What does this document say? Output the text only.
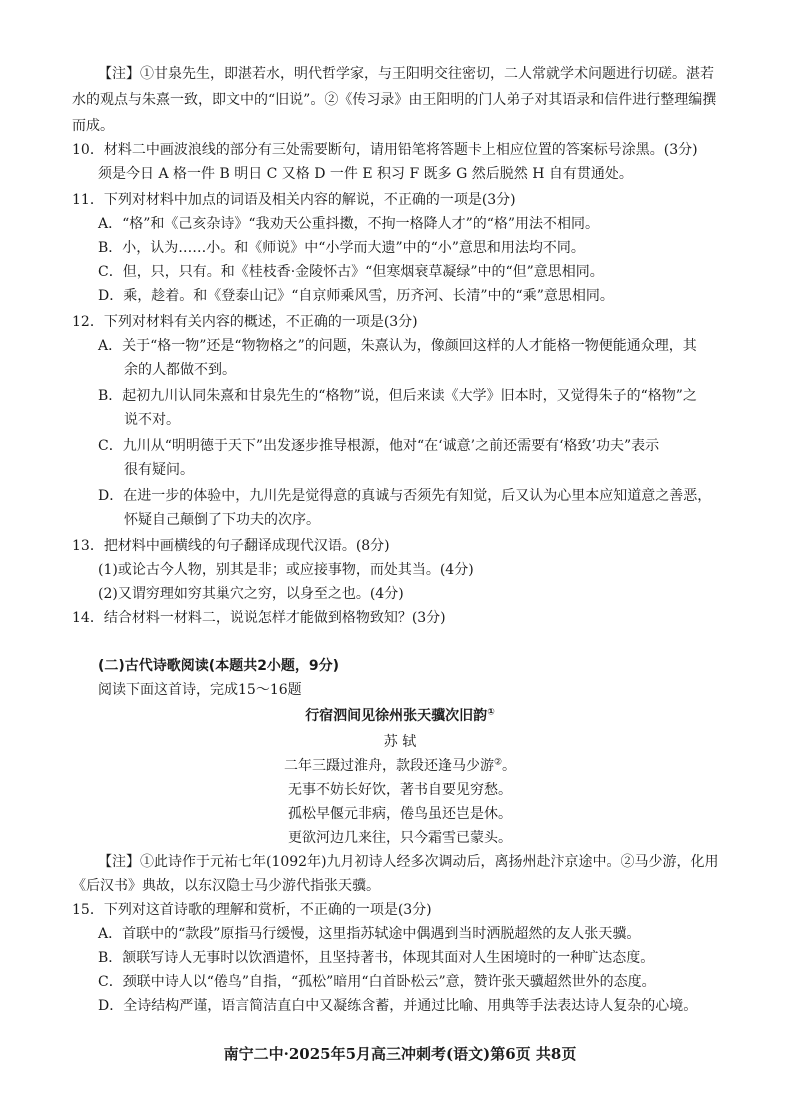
【注】①甘泉先生，即湛若水，明代哲学家，与王阳明交往密切，二人常就学术问题进行切磋。湛若
水的观点与朱熹一致，即文中的“旧说”。②《传习录》由王阳明的门人弟子对其语录和信件进行整理编撰
而成。
10．材料二中画波浪线的部分有三处需要断句，请用铅笔将答题卡上相应位置的答案标号涂黑。(3分)
须是今日 A 格一件 B 明日 C 又格 D 一件 E 积习 F 既多 G 然后脱然 H 自有贯通处。
11．下列对材料中加点的词语及相关内容的解说，不正确的一项是(3分)
A．“格”和《己亥杂诗》“我劝天公重抖擞，不拘一格降人才”的“格”用法不相同。
B．小，认为……小。和《师说》中“小学而大遗”中的“小”意思和用法均不同。
C．但，只，只有。和《桂枝香·金陵怀古》“但寒烟衰草凝绿”中的“但”意思相同。
D．乘，趁着。和《登泰山记》“自京师乘风雪，历齐河、长清”中的“乘”意思相同。
12．下列对材料有关内容的概述，不正确的一项是(3分)
A．关于“格一物”还是“物物格之”的问题，朱熹认为，像颜回这样的人才能格一物便能通众理，其
余的人都做不到。
B．起初九川认同朱熹和甘泉先生的“格物”说，但后来读《大学》旧本时，又觉得朱子的“格物”之
说不对。
C．九川从“明明德于天下”出发逐步推导根源，他对“在‘诚意’之前还需要有‘格致’功夫”表示
很有疑问。
D．在进一步的体验中，九川先是觉得意的真诚与否须先有知觉，后又认为心里本应知道意之善恶，
怀疑自己颠倒了下功夫的次序。
13．把材料中画横线的句子翻译成现代汉语。(8分)
(1)或论古今人物，别其是非；或应接事物，而处其当。(4分)
(2)又谓穷理如穷其巢穴之穷，以身至之也。(4分)
14．结合材料一材料二，说说怎样才能做到格物致知？(3分)
(二)古代诗歌阅读(本题共2小题，9分)
阅读下面这首诗，完成15～16题
行宿泗间见徐州张天骥次旧韵①
苏 轼
二年三蹑过淮舟，款段还逢马少游②。
无事不妨长好饮，著书自要见穷愁。
孤松早偃元非病，倦鸟虽还岂是休。
更欲河边几来往，只今霜雪已蒙头。
【注】①此诗作于元祐七年(1092年)九月初诗人经多次调动后，离扬州赴汴京途中。②马少游，化用
《后汉书》典故，以东汉隐士马少游代指张天骥。
15．下列对这首诗歌的理解和赏析，不正确的一项是(3分)
A．首联中的“款段”原指马行缓慢，这里指苏轼途中偶遇到当时洒脱超然的友人张天骥。
B．颔联写诗人无事时以饮酒遣怀，且坚持著书，体现其面对人生困境时的一种旷达态度。
C．颈联中诗人以“倦鸟”自指，“孤松”暗用“白首卧松云”意，赞许张天骥超然世外的态度。
D．全诗结构严谨，语言简洁直白中又凝练含蓄，并通过比喻、用典等手法表达诗人复杂的心境。
南宁二中·2025年5月高三冲刺考(语文)第6页 共8页
